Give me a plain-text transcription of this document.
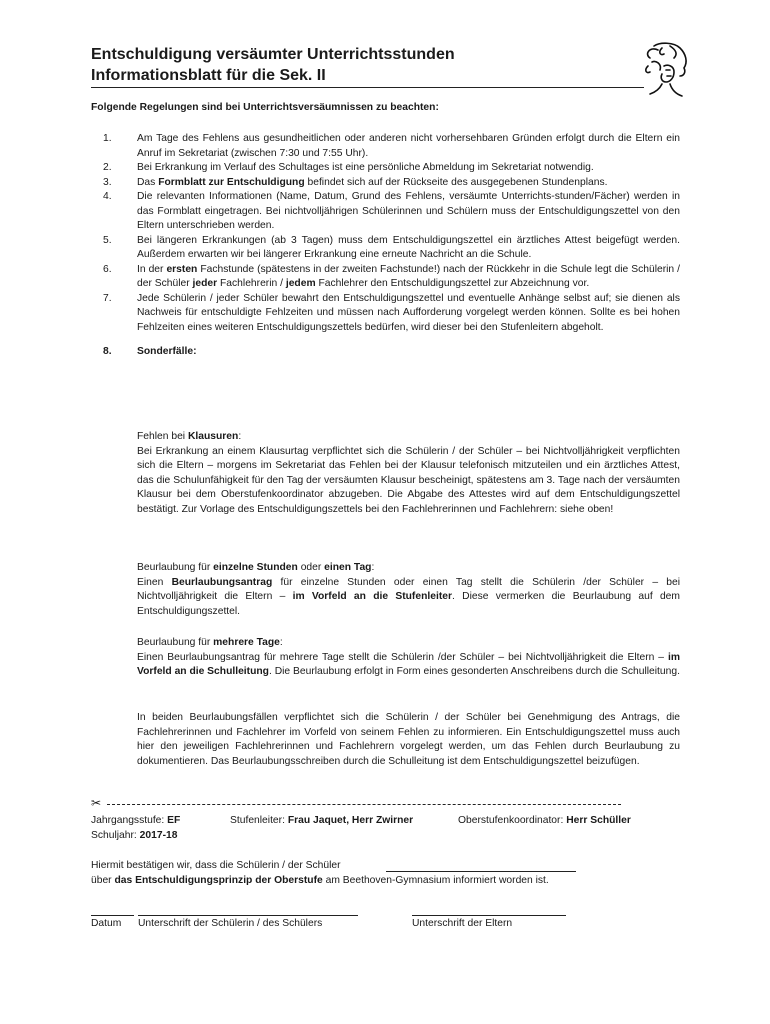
Entschuldigung versäumter Unterrichtsstunden
Informationsblatt für die Sek. II
Folgende Regelungen sind bei Unterrichtsversäumnissen zu beachten:
1.	Am Tage des Fehlens aus gesundheitlichen oder anderen nicht vorhersehbaren Gründen erfolgt durch die Eltern ein Anruf im Sekretariat (zwischen 7:30 und 7:55 Uhr).
2.	Bei Erkrankung im Verlauf des Schultages ist eine persönliche Abmeldung im Sekretariat notwendig.
3.	Das Formblatt zur Entschuldigung befindet sich auf der Rückseite des ausgegebenen Stundenplans.
4.	Die relevanten Informationen (Name, Datum, Grund des Fehlens, versäumte Unterrichts-stunden/Fächer) werden in das Formblatt eingetragen. Bei nichtvolljährigen Schülerinnen und Schülern muss der Entschuldigungszettel von den Eltern unterschrieben werden.
5.	Bei längeren Erkrankungen (ab 3 Tagen) muss dem Entschuldigungszettel ein ärztliches Attest beigefügt werden. Außerdem erwarten wir bei längerer Erkrankung eine erneute Nachricht an die Schule.
6.	In der ersten Fachstunde (spätestens in der zweiten Fachstunde!) nach der Rückkehr in die Schule legt die Schülerin / der Schüler jeder Fachlehrerin / jedem Fachlehrer den Entschuldigungszettel zur Abzeichnung vor.
7.	Jede Schülerin / jeder Schüler bewahrt den Entschuldigungszettel und eventuelle Anhänge selbst auf; sie dienen als Nachweis für entschuldigte Fehlzeiten und müssen nach Aufforderung vorgelegt werden können. Sollte es bei hohen Fehlzeiten eines weiteren Entschuldigungszettels bedürfen, wird dieser bei den Stufenleitern abgeholt.
8.	Sonderfälle:
Fehlen bei Klausuren:
Bei Erkrankung an einem Klausurtag verpflichtet sich die Schülerin / der Schüler – bei Nichtvolljährigkeit verpflichten sich die Eltern – morgens im Sekretariat das Fehlen bei der Klausur telefonisch mitzuteilen und ein ärztliches Attest, das die Schulunfähigkeit für den Tag der versäumten Klausur bescheinigt, spätestens am 3. Tage nach der versäumten Klausur bei dem Oberstufenkoordinator abzugeben. Die Abgabe des Attestes wird auf dem Entschuldigungszettel bestätigt. Zur Vorlage des Entschuldigungszettels bei den Fachlehrerinnen und Fachlehrern: siehe oben!
Beurlaubung für einzelne Stunden oder einen Tag:
Einen Beurlaubungsantrag für einzelne Stunden oder einen Tag stellt die Schülerin /der Schüler – bei Nichtvolljährigkeit die Eltern – im Vorfeld an die Stufenleiter. Diese vermerken die Beurlaubung auf dem Entschuldigungszettel.
Beurlaubung für mehrere Tage:
Einen Beurlaubungsantrag für mehrere Tage stellt die Schülerin /der Schüler – bei Nichtvolljährigkeit die Eltern – im Vorfeld an die Schulleitung. Die Beurlaubung erfolgt in Form eines gesonderten Anschreibens durch die Schulleitung.
In beiden Beurlaubungsfällen verpflichtet sich die Schülerin / der Schüler bei Genehmigung des Antrags, die Fachlehrerinnen und Fachlehrer im Vorfeld von seinem Fehlen zu informieren. Ein Entschuldigungszettel muss auch hier den jeweiligen Fachlehrerinnen und Fachlehrern vorgelegt werden, um das Fehlen durch Beurlaubung zu dokumentieren. Das Beurlaubungsschreiben durch die Schulleitung ist dem Entschuldigungszettel beizufügen.
✂
Jahrgangsstufe: EF	Stufenleiter: Frau Jaquet, Herr Zwirner	Oberstufenkoordinator: Herr Schüller
Schuljahr: 2017-18
Hiermit bestätigen wir, dass die Schülerin / der Schüler
über das Entschuldigungsprinzip der Oberstufe am Beethoven-Gymnasium informiert worden ist.
Datum Unterschrift der Schülerin / des Schülers	Unterschrift der Eltern
